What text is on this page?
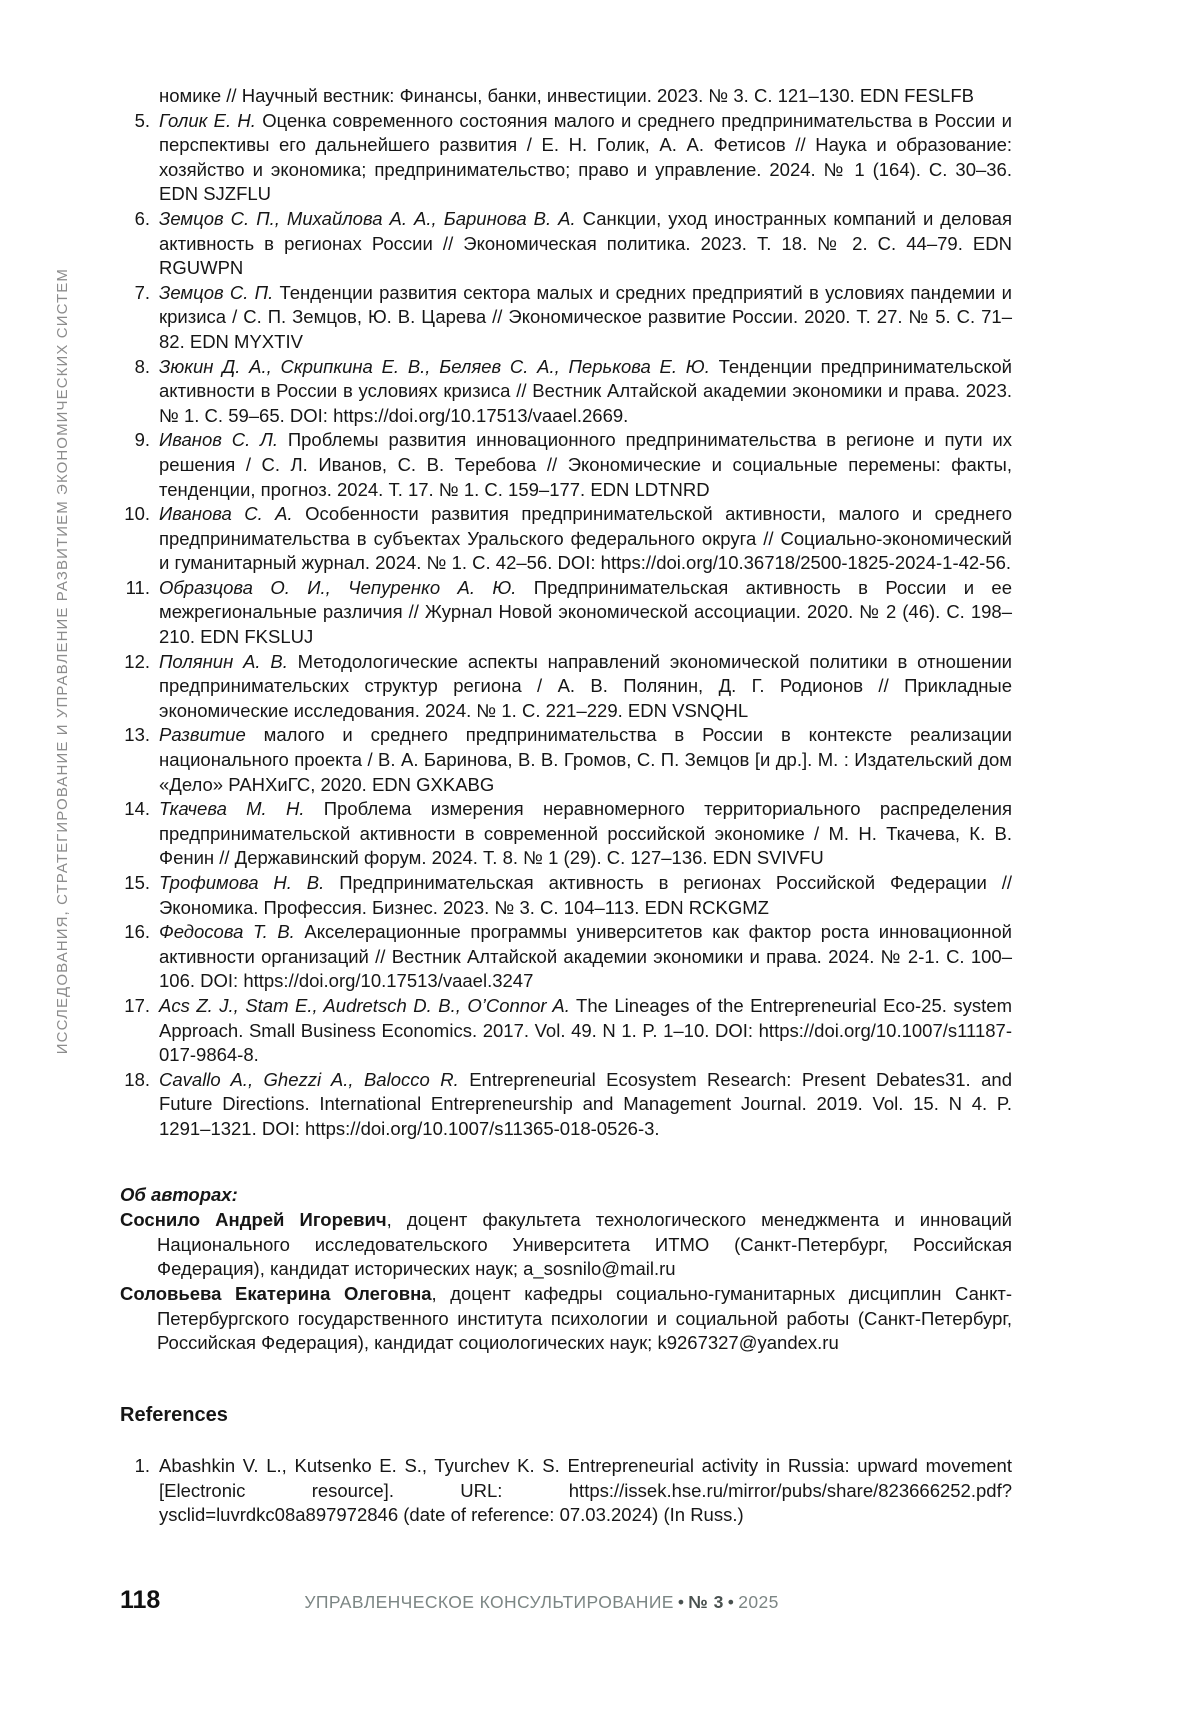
ИССЛЕДОВАНИЯ, СТРАТЕГИРОВАНИЕ И УПРАВЛЕНИЕ РАЗВИТИЕМ ЭКОНОМИЧЕСКИХ СИСТЕМ

номике // Научный вестник: Финансы, банки, инвестиции. 2023. № 3. С. 121–130. EDN FESLFB

5. Голик Е. Н. Оценка современного состояния малого и среднего предпринимательства в России и перспективы его дальнейшего развития / Е. Н. Голик, А. А. Фетисов // Наука и образование: хозяйство и экономика; предпринимательство; право и управление. 2024. № 1 (164). С. 30–36. EDN SJZFLU

6. Земцов С. П., Михайлова А. А., Баринова В. А. Санкции, уход иностранных компаний и деловая активность в регионах России // Экономическая политика. 2023. Т. 18. № 2. С. 44–79. EDN RGUWPN

7. Земцов С. П. Тенденции развития сектора малых и средних предприятий в условиях пандемии и кризиса / С. П. Земцов, Ю. В. Царева // Экономическое развитие России. 2020. Т. 27. № 5. С. 71–82. EDN MYXTIV

8. Зюкин Д. А., Скрипкина Е. В., Беляев С. А., Перькова Е. Ю. Тенденции предпринимательской активности в России в условиях кризиса // Вестник Алтайской академии экономики и права. 2023. № 1. С. 59–65. DOI: https://doi.org/10.17513/vaael.2669.

9. Иванов С. Л. Проблемы развития инновационного предпринимательства в регионе и пути их решения / С. Л. Иванов, С. В. Теребова // Экономические и социальные перемены: факты, тенденции, прогноз. 2024. Т. 17. № 1. С. 159–177. EDN LDTNRD

10. Иванова С. А. Особенности развития предпринимательской активности, малого и среднего предпринимательства в субъектах Уральского федерального округа // Социально-экономический и гуманитарный журнал. 2024. № 1. С. 42–56. DOI: https://doi.org/10.36718/2500-1825-2024-1-42-56.

11. Образцова О. И., Чепуренко А. Ю. Предпринимательская активность в России и ее межрегиональные различия // Журнал Новой экономической ассоциации. 2020. № 2 (46). С. 198–210. EDN FKSLUJ

12. Полянин А. В. Методологические аспекты направлений экономической политики в отношении предпринимательских структур региона / А. В. Полянин, Д. Г. Родионов // Прикладные экономические исследования. 2024. № 1. С. 221–229. EDN VSNQHL

13. Развитие малого и среднего предпринимательства в России в контексте реализации национального проекта / В. А. Баринова, В. В. Громов, С. П. Земцов [и др.]. М. : Издательский дом «Дело» РАНХиГС, 2020. EDN GXKABG

14. Ткачева М. Н. Проблема измерения неравномерного территориального распределения предпринимательской активности в современной российской экономике / М. Н. Ткачева, К. В. Фенин // Державинский форум. 2024. Т. 8. № 1 (29). С. 127–136. EDN SVIVFU

15. Трофимова Н. В. Предпринимательская активность в регионах Российской Федерации // Экономика. Профессия. Бизнес. 2023. № 3. С. 104–113. EDN RCKGMZ

16. Федосова Т. В. Акселерационные программы университетов как фактор роста инновационной активности организаций // Вестник Алтайской академии экономики и права. 2024. № 2-1. С. 100–106. DOI: https://doi.org/10.17513/vaael.3247

17. Acs Z. J., Stam E., Audretsch D. B., O’Connor A. The Lineages of the Entrepreneurial Eco-25. system Approach. Small Business Economics. 2017. Vol. 49. N 1. P. 1–10. DOI: https://doi.org/10.1007/s11187-017-9864-8.

18. Cavallo A., Ghezzi A., Balocco R. Entrepreneurial Ecosystem Research: Present Debates31. and Future Directions. International Entrepreneurship and Management Journal. 2019. Vol. 15. N 4. P. 1291–1321. DOI: https://doi.org/10.1007/s11365-018-0526-3.

Об авторах:

Соснило Андрей Игоревич, доцент факультета технологического менеджмента и инноваций Национального исследовательского Университета ИТМО (Санкт-Петербург, Российская Федерация), кандидат исторических наук; a_sosnilo@mail.ru

Соловьева Екатерина Олеговна, доцент кафедры социально-гуманитарных дисциплин Санкт-Петербургского государственного института психологии и социальной работы (Санкт-Петербург, Российская Федерация), кандидат социологических наук; k9267327@yandex.ru

References

1. Abashkin V. L., Kutsenko E. S., Tyurchev K. S. Entrepreneurial activity in Russia: upward movement [Electronic resource]. URL: https://issek.hse.ru/mirror/pubs/share/823666252.pdf?ysclid=luvrdkc08a897972846 (date of reference: 07.03.2024) (In Russ.)

118	УПРАВЛЕНЧЕСКОЕ КОНСУЛЬТИРОВАНИЕ • № 3 • 2025
